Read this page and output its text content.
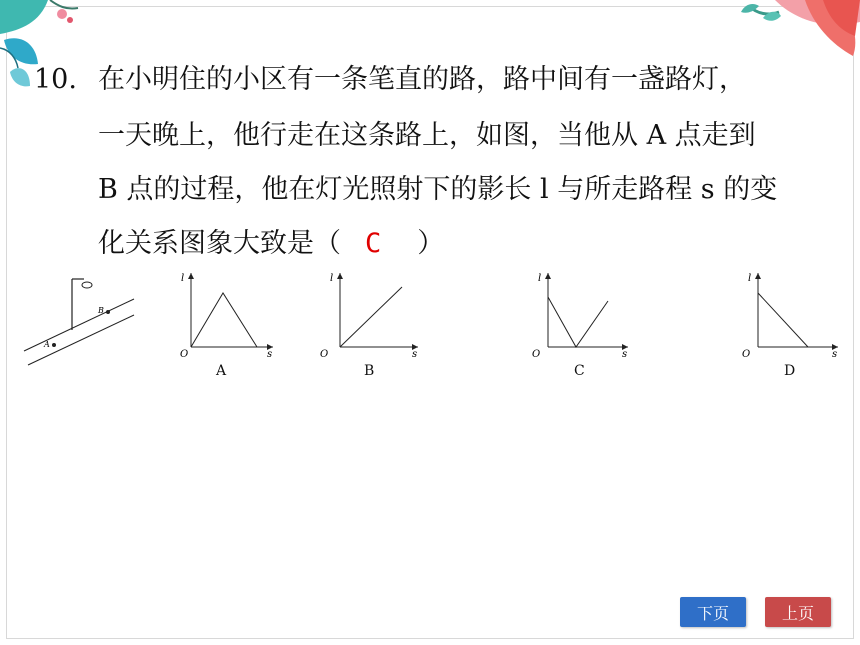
10. 在小明住的小区有一条笔直的路，路中间有一盏路灯，
一天晚上，他行走在这条路上，如图，当他从 A 点走到
B 点的过程，他在灯光照射下的影长 l 与所走路程 s 的变
化关系图象大致是（ C ）
A
B
l
s
O
A
l
s
O
B
l
s
O
C
l
s
O
D
下页	上页
